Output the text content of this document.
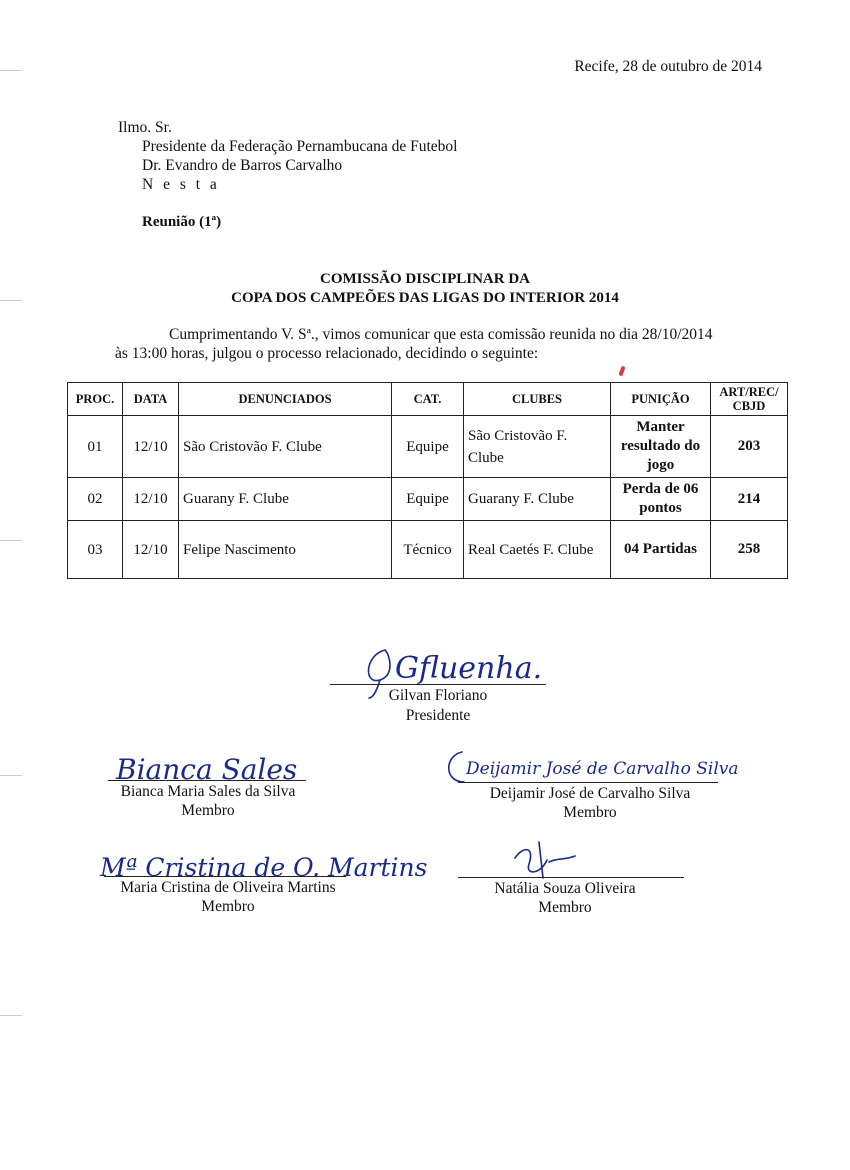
Recife, 28 de outubro de 2014
Ilmo. Sr.
Presidente da Federação Pernambucana de Futebol
Dr. Evandro de Barros Carvalho
N e s t a
Reunião (1ª)
COMISSÃO DISCIPLINAR DA
COPA DOS CAMPEÕES DAS LIGAS DO INTERIOR 2014
Cumprimentando V. Sª., vimos comunicar que esta comissão reunida no dia 28/10/2014
às 13:00 horas, julgou o processo relacionado, decidindo o seguinte:
PROC.	DATA	DENUNCIADOS	CAT.	CLUBES	PUNIÇÃO	ART/REC/ CBJD
01	12/10	São Cristovão F. Clube	Equipe	São Cristovão F. Clube	Manter resultado do jogo	203
02	12/10	Guarany F. Clube	Equipe	Guarany F. Clube	Perda de 06 pontos	214
03	12/10	Felipe Nascimento	Técnico	Real Caetés F. Clube	04 Partidas	258
Gfluenha.
Gilvan Floriano
Presidente
Bianca Sales
Bianca Maria Sales da Silva
Membro
Deijamir José de Carvalho Silva
Deijamir José de Carvalho Silva
Membro
Mª Cristina de O. Martins
Maria Cristina de Oliveira Martins
Membro
Natália Souza Oliveira
Membro
